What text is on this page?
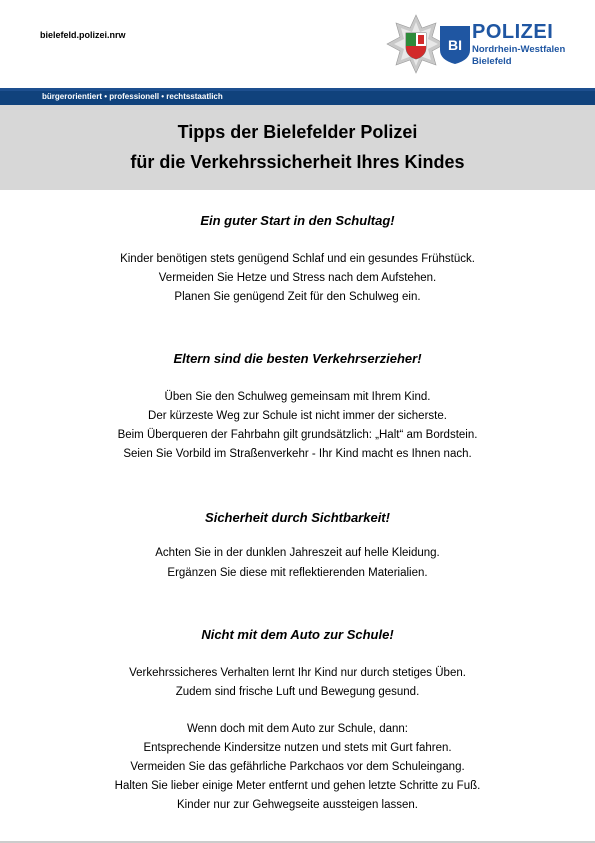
bielefeld.polizei.nrw
BI
POLIZEI
Nordrhein-Westfalen
Bielefeld
bürgerorientiert • professionell • rechtsstaatlich
Tipps der Bielefelder Polizei
für die Verkehrssicherheit Ihres Kindes
Ein guter Start in den Schultag!
Kinder benötigen stets genügend Schlaf und ein gesundes Frühstück.
Vermeiden Sie Hetze und Stress nach dem Aufstehen.
Planen Sie genügend Zeit für den Schulweg ein.
Eltern sind die besten Verkehrserzieher!
Üben Sie den Schulweg gemeinsam mit Ihrem Kind.
Der kürzeste Weg zur Schule ist nicht immer der sicherste.
Beim Überqueren der Fahrbahn gilt grundsätzlich: „Halt“ am Bordstein.
Seien Sie Vorbild im Straßenverkehr - Ihr Kind macht es Ihnen nach.
Sicherheit durch Sichtbarkeit!
Achten Sie in der dunklen Jahreszeit auf helle Kleidung.
Ergänzen Sie diese mit reflektierenden Materialien.
Nicht mit dem Auto zur Schule!
Verkehrssicheres Verhalten lernt Ihr Kind nur durch stetiges Üben.
Zudem sind frische Luft und Bewegung gesund.
Wenn doch mit dem Auto zur Schule, dann:
Entsprechende Kindersitze nutzen und stets mit Gurt fahren.
Vermeiden Sie das gefährliche Parkchaos vor dem Schuleingang.
Halten Sie lieber einige Meter entfernt und gehen letzte Schritte zu Fuß.
Kinder nur zur Gehwegseite aussteigen lassen.
